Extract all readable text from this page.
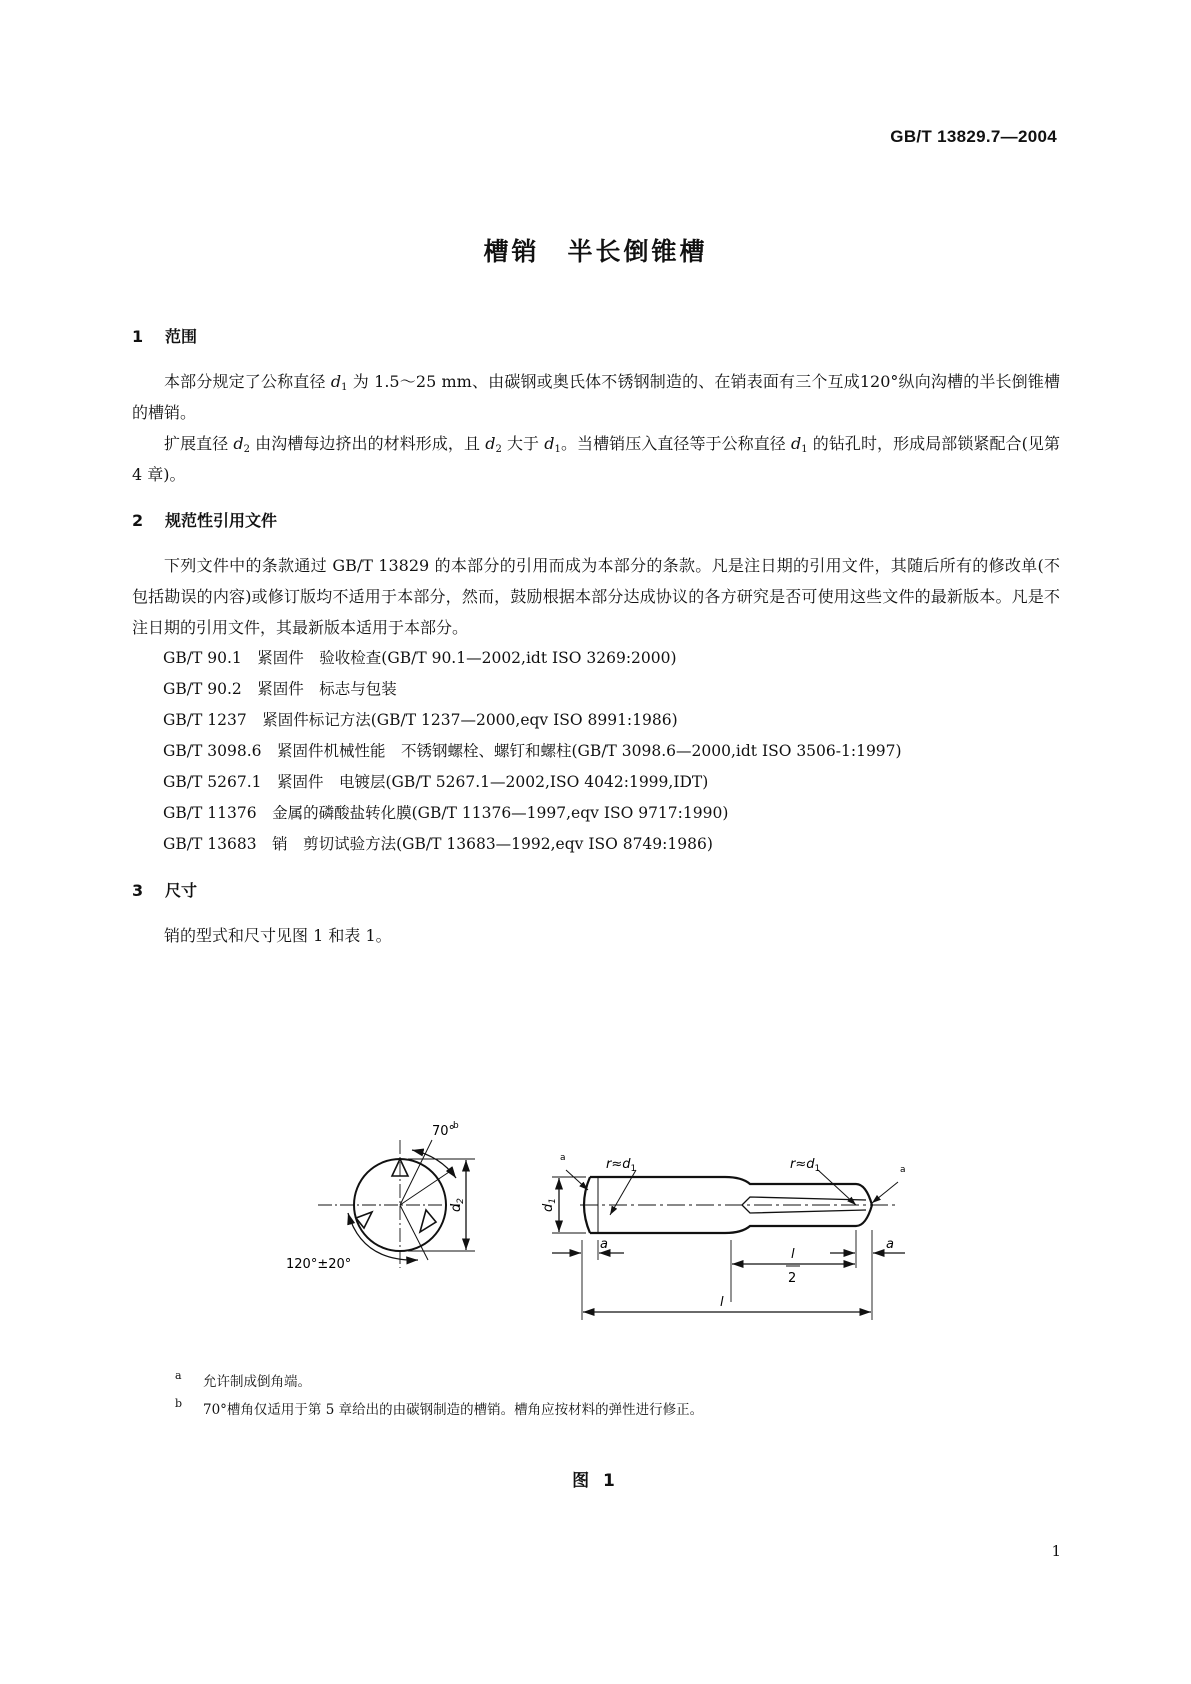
GB/T 13829.7—2004
槽销　半长倒锥槽
1 范围
本部分规定了公称直径 $d_1$ 为 1.5～25 mm、由碳钢或奥氏体不锈钢制造的、在销表面有三个互成120°纵向沟槽的半长倒锥槽的槽销。
扩展直径 $d_2$ 由沟槽每边挤出的材料形成，且 $d_2$ 大于 $d_1$。当槽销压入直径等于公称直径 $d_1$ 的钻孔时，形成局部锁紧配合(见第 4 章)。
2 规范性引用文件
下列文件中的条款通过 GB/T 13829 的本部分的引用而成为本部分的条款。凡是注日期的引用文件，其随后所有的修改单(不包括勘误的内容)或修订版均不适用于本部分，然而，鼓励根据本部分达成协议的各方研究是否可使用这些文件的最新版本。凡是不注日期的引用文件，其最新版本适用于本部分。
GB/T 90.1　紧固件　验收检查(GB/T 90.1—2002,idt ISO 3269:2000)
GB/T 90.2　紧固件　标志与包装
GB/T 1237　紧固件标记方法(GB/T 1237—2000,eqv ISO 8991:1986)
GB/T 3098.6　紧固件机械性能　不锈钢螺栓、螺钉和螺柱(GB/T 3098.6—2000,idt ISO 3506-1:1997)
GB/T 5267.1　紧固件　电镀层(GB/T 5267.1—2002,ISO 4042:1999,IDT)
GB/T 11376　金属的磷酸盐转化膜(GB/T 11376—1997,eqv ISO 9717:1990)
GB/T 13683　销　剪切试验方法(GB/T 13683—1992,eqv ISO 8749:1986)
3 尺寸
销的型式和尺寸见图 1 和表 1。
70°
b
120°±20°
$d_2$
$d_1$
$r\approx d_1$	$r\approx d_1$
a
a
a	a
l
2
l
a 允许制成倒角端。
b 70°槽角仅适用于第 5 章给出的由碳钢制造的槽销。槽角应按材料的弹性进行修正。
图 1
1
